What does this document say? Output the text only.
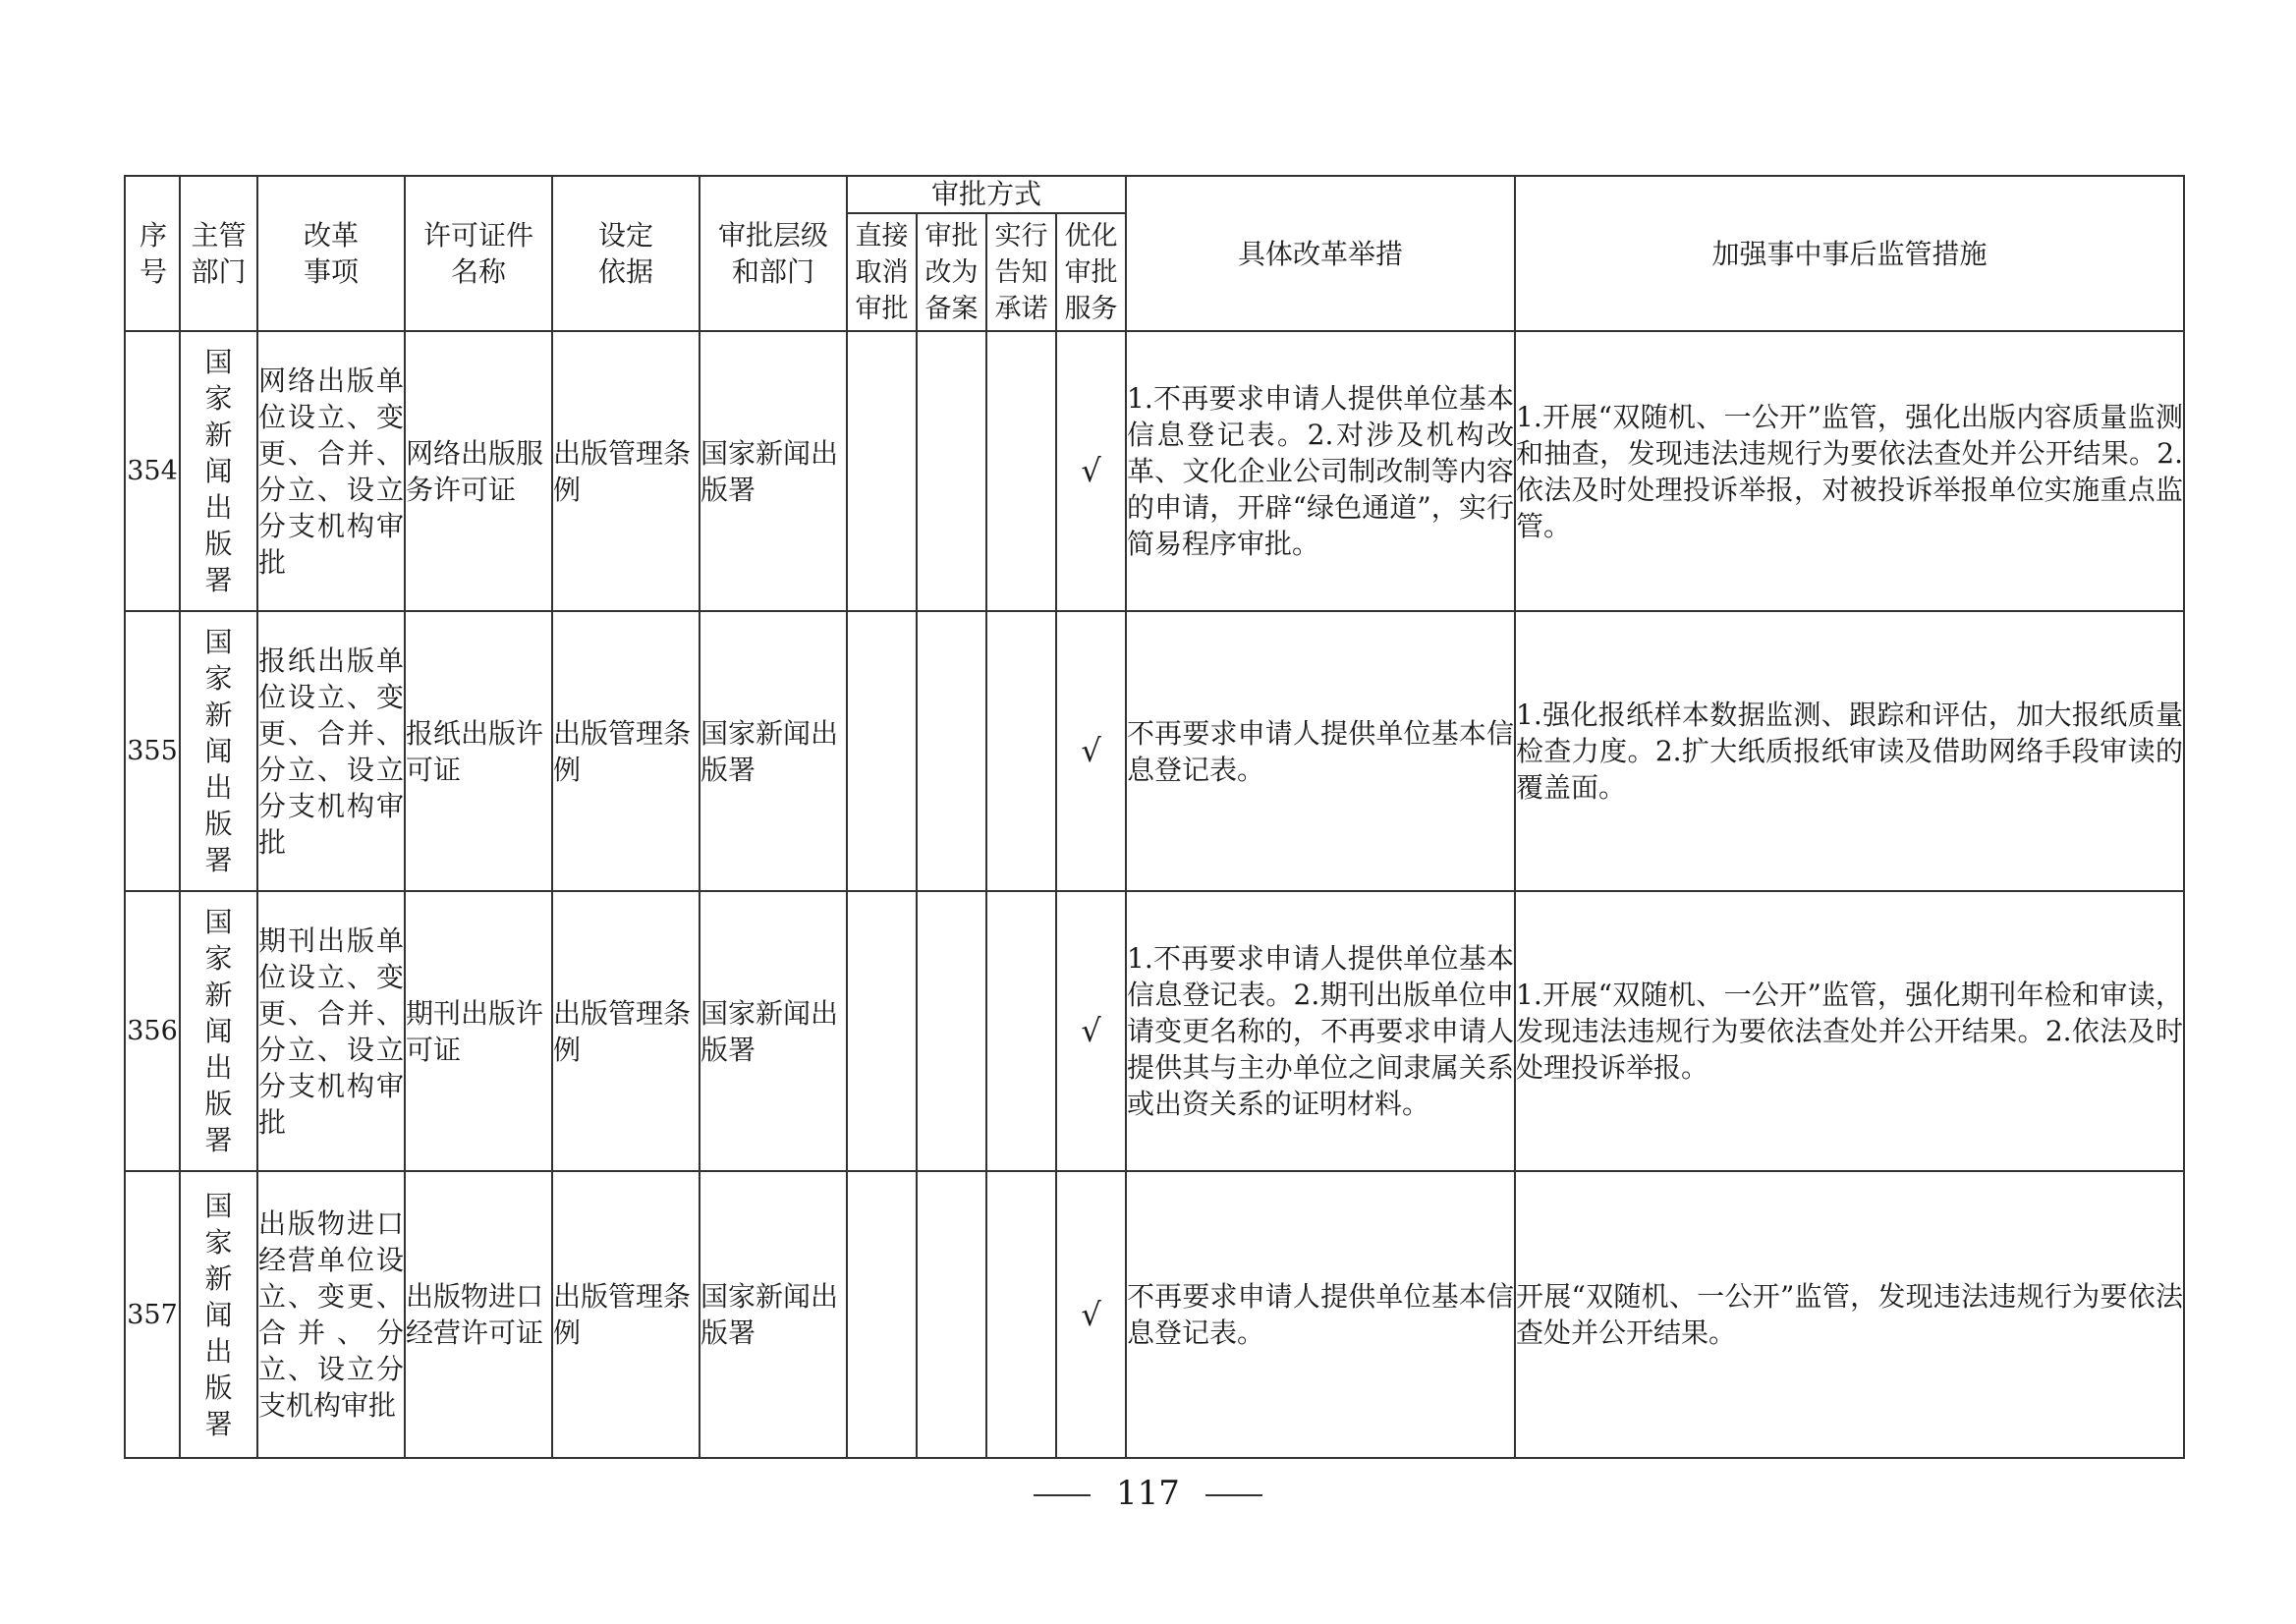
序号	主管部门	改革事项	许可证件名称	设定依据	审批层级和部门	审批方式				具体改革举措	加强事中事后监管措施
						直接取消审批	审批改为备案	实行告知承诺	优化审批服务		
354	国家新闻出版署	网络出版单位设立、变更、合并、分立、设立分支机构审批	网络出版服务许可证	出版管理条例	国家新闻出版署				√	1.不再要求申请人提供单位基本信息登记表。2.对涉及机构改革、文化企业公司制改制等内容的申请，开辟“绿色通道”，实行简易程序审批。	1.开展“双随机、一公开”监管，强化出版内容质量监测和抽查，发现违法违规行为要依法查处并公开结果。2.依法及时处理投诉举报，对被投诉举报单位实施重点监管。
355	国家新闻出版署	报纸出版单位设立、变更、合并、分立、设立分支机构审批	报纸出版许可证	出版管理条例	国家新闻出版署				√	不再要求申请人提供单位基本信息登记表。	1.强化报纸样本数据监测、跟踪和评估，加大报纸质量检查力度。2.扩大纸质报纸审读及借助网络手段审读的覆盖面。
356	国家新闻出版署	期刊出版单位设立、变更、合并、分立、设立分支机构审批	期刊出版许可证	出版管理条例	国家新闻出版署				√	1.不再要求申请人提供单位基本信息登记表。2.期刊出版单位申请变更名称的，不再要求申请人提供其与主办单位之间隶属关系或出资关系的证明材料。	1.开展“双随机、一公开”监管，强化期刊年检和审读，发现违法违规行为要依法查处并公开结果。2.依法及时处理投诉举报。
357	国家新闻出版署	出版物进口经营单位设立、变更、合并、分立、设立分支机构审批	出版物进口经营许可证	出版管理条例	国家新闻出版署				√	不再要求申请人提供单位基本信息登记表。	开展“双随机、一公开”监管，发现违法违规行为要依法查处并公开结果。
117
